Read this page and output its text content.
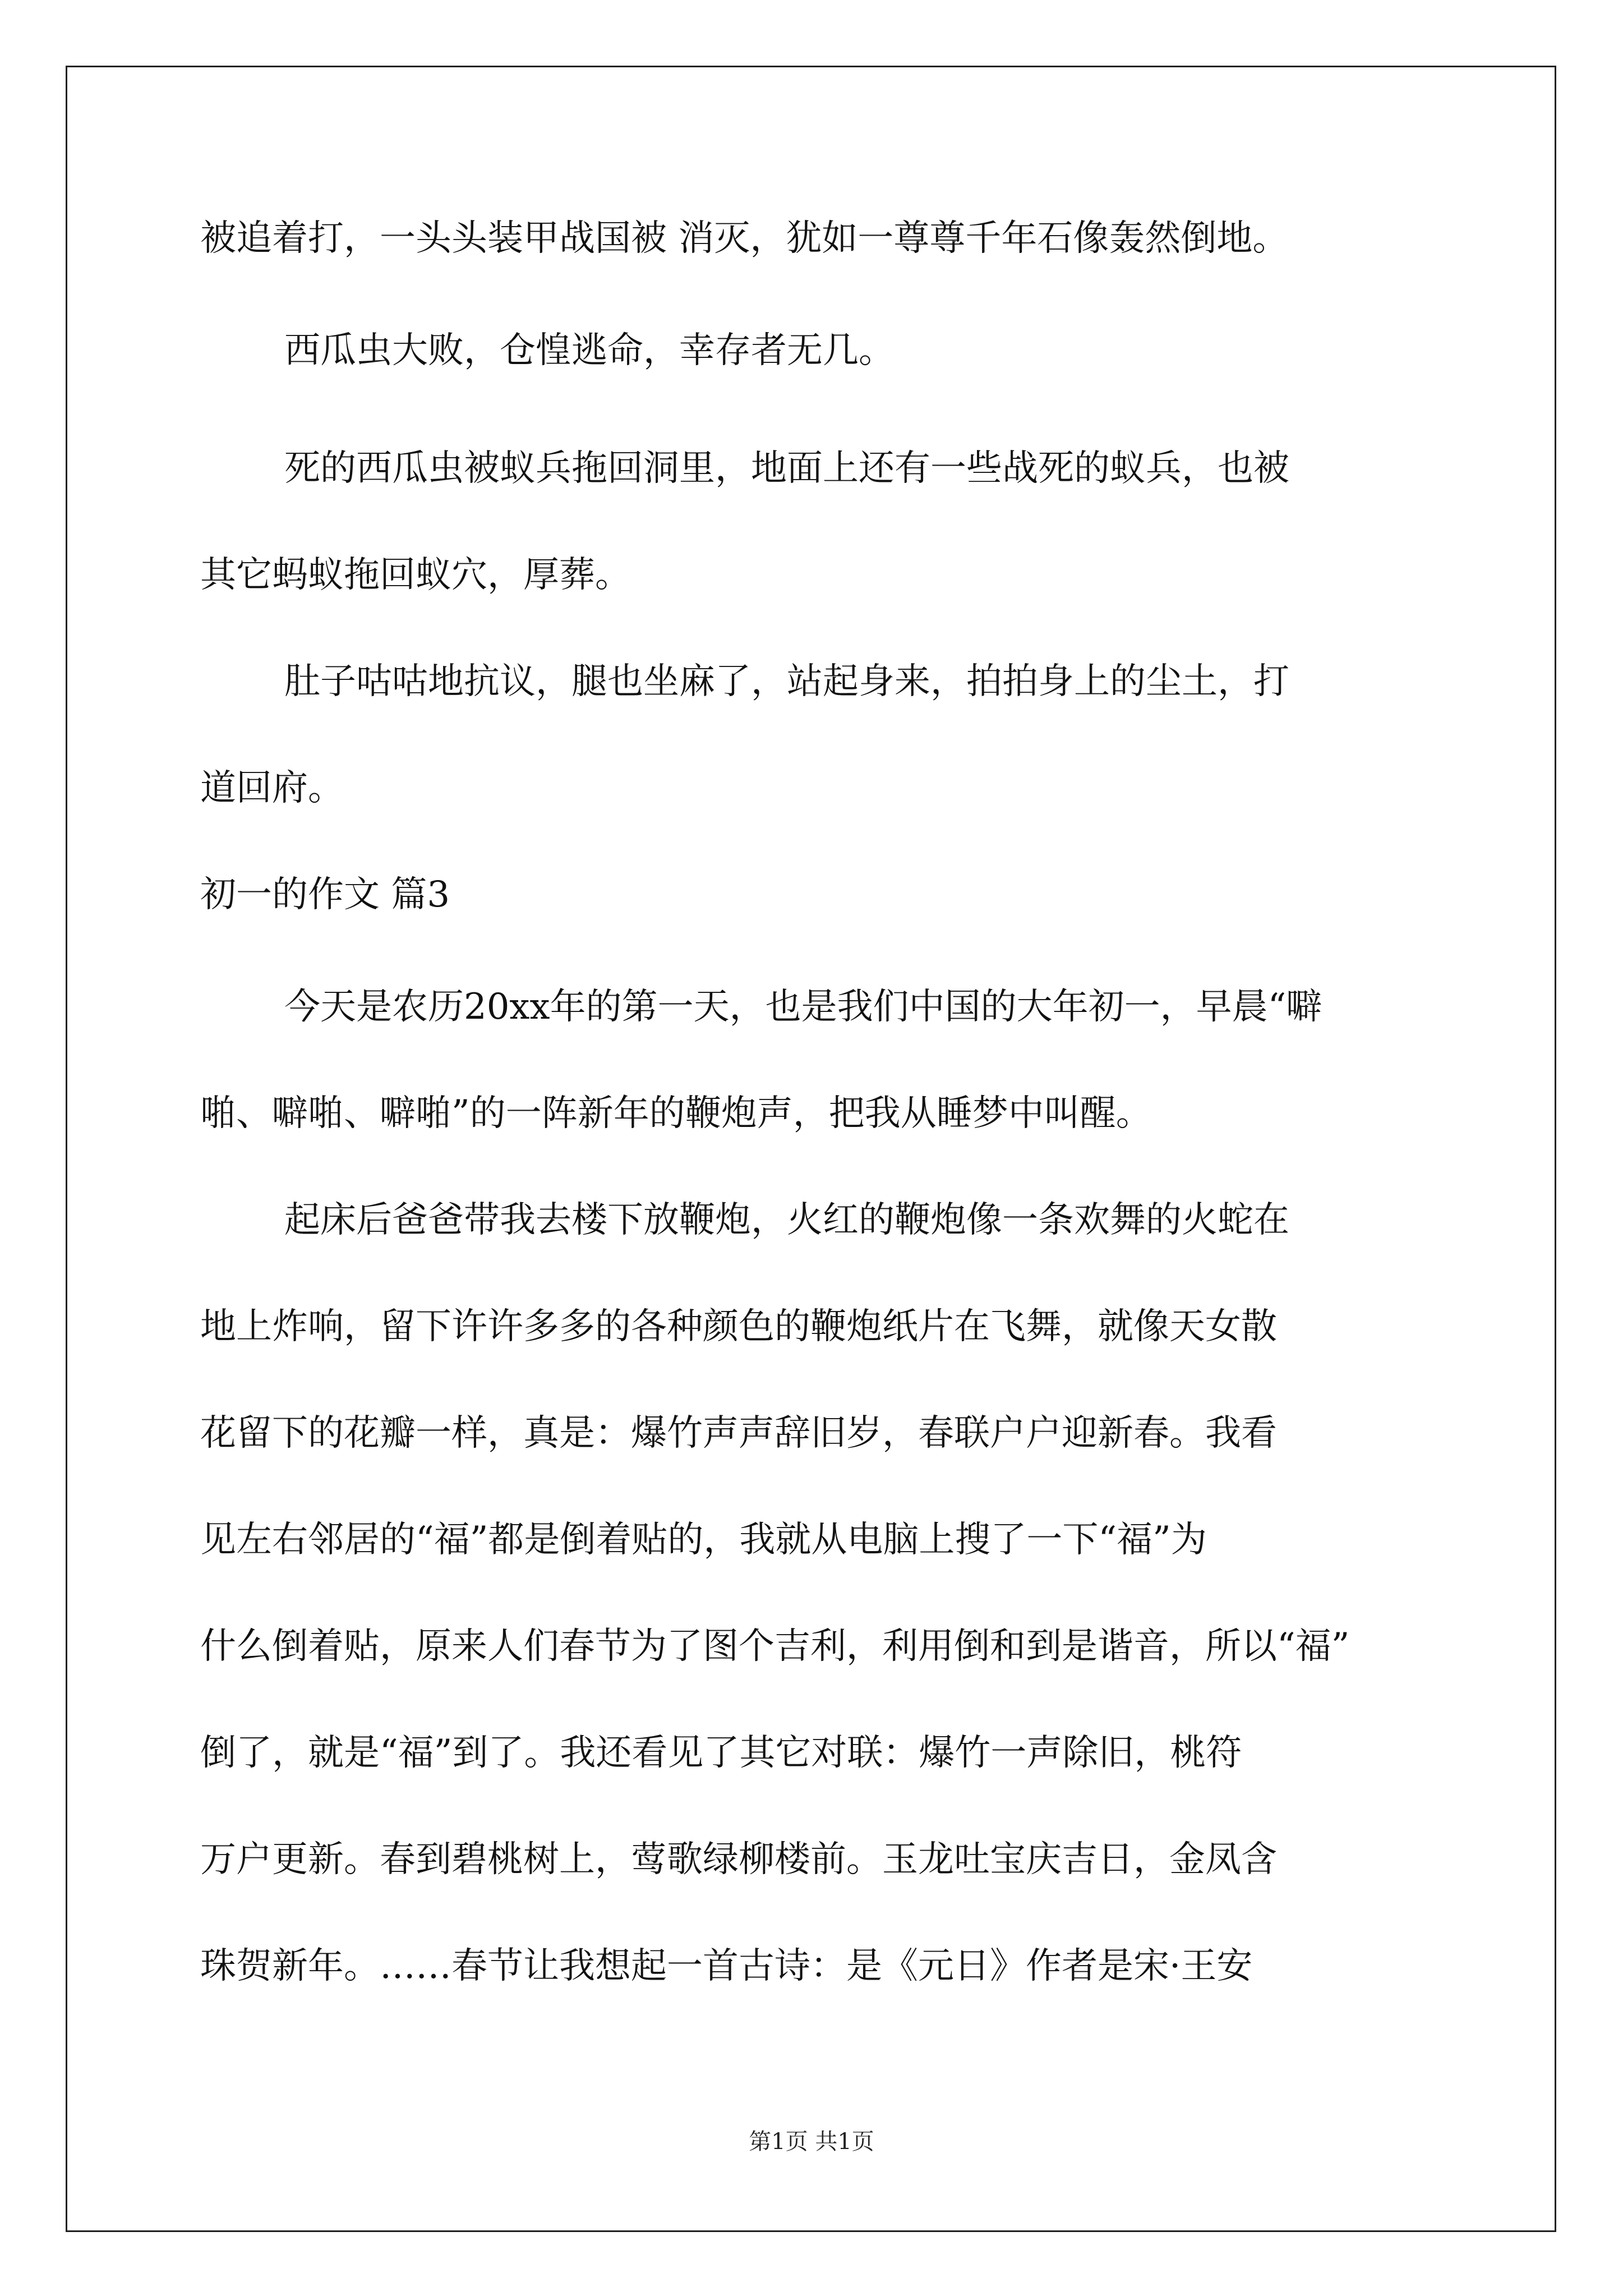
被追着打，一头头装甲战国被 消灭，犹如一尊尊千年石像轰然倒地。
西瓜虫大败，仓惶逃命，幸存者无几。
死的西瓜虫被蚁兵拖回洞里，地面上还有一些战死的蚁兵，也被
其它蚂蚁拖回蚁穴，厚葬。
肚子咕咕地抗议，腿也坐麻了，站起身来，拍拍身上的尘土，打
道回府。
初一的作文 篇3
今天是农历20xx年的第一天，也是我们中国的大年初一，早晨“噼
啪、噼啪、噼啪”的一阵新年的鞭炮声，把我从睡梦中叫醒。
起床后爸爸带我去楼下放鞭炮，火红的鞭炮像一条欢舞的火蛇在
地上炸响，留下许许多多的各种颜色的鞭炮纸片在飞舞，就像天女散
花留下的花瓣一样，真是：爆竹声声辞旧岁，春联户户迎新春。我看
见左右邻居的“福”都是倒着贴的，我就从电脑上搜了一下“福”为
什么倒着贴，原来人们春节为了图个吉利，利用倒和到是谐音，所以“福”
倒了，就是“福”到了。我还看见了其它对联：爆竹一声除旧，桃符
万户更新。春到碧桃树上，莺歌绿柳楼前。玉龙吐宝庆吉日，金凤含
珠贺新年。……春节让我想起一首古诗：是《元日》作者是宋·王安
第1页 共1页
